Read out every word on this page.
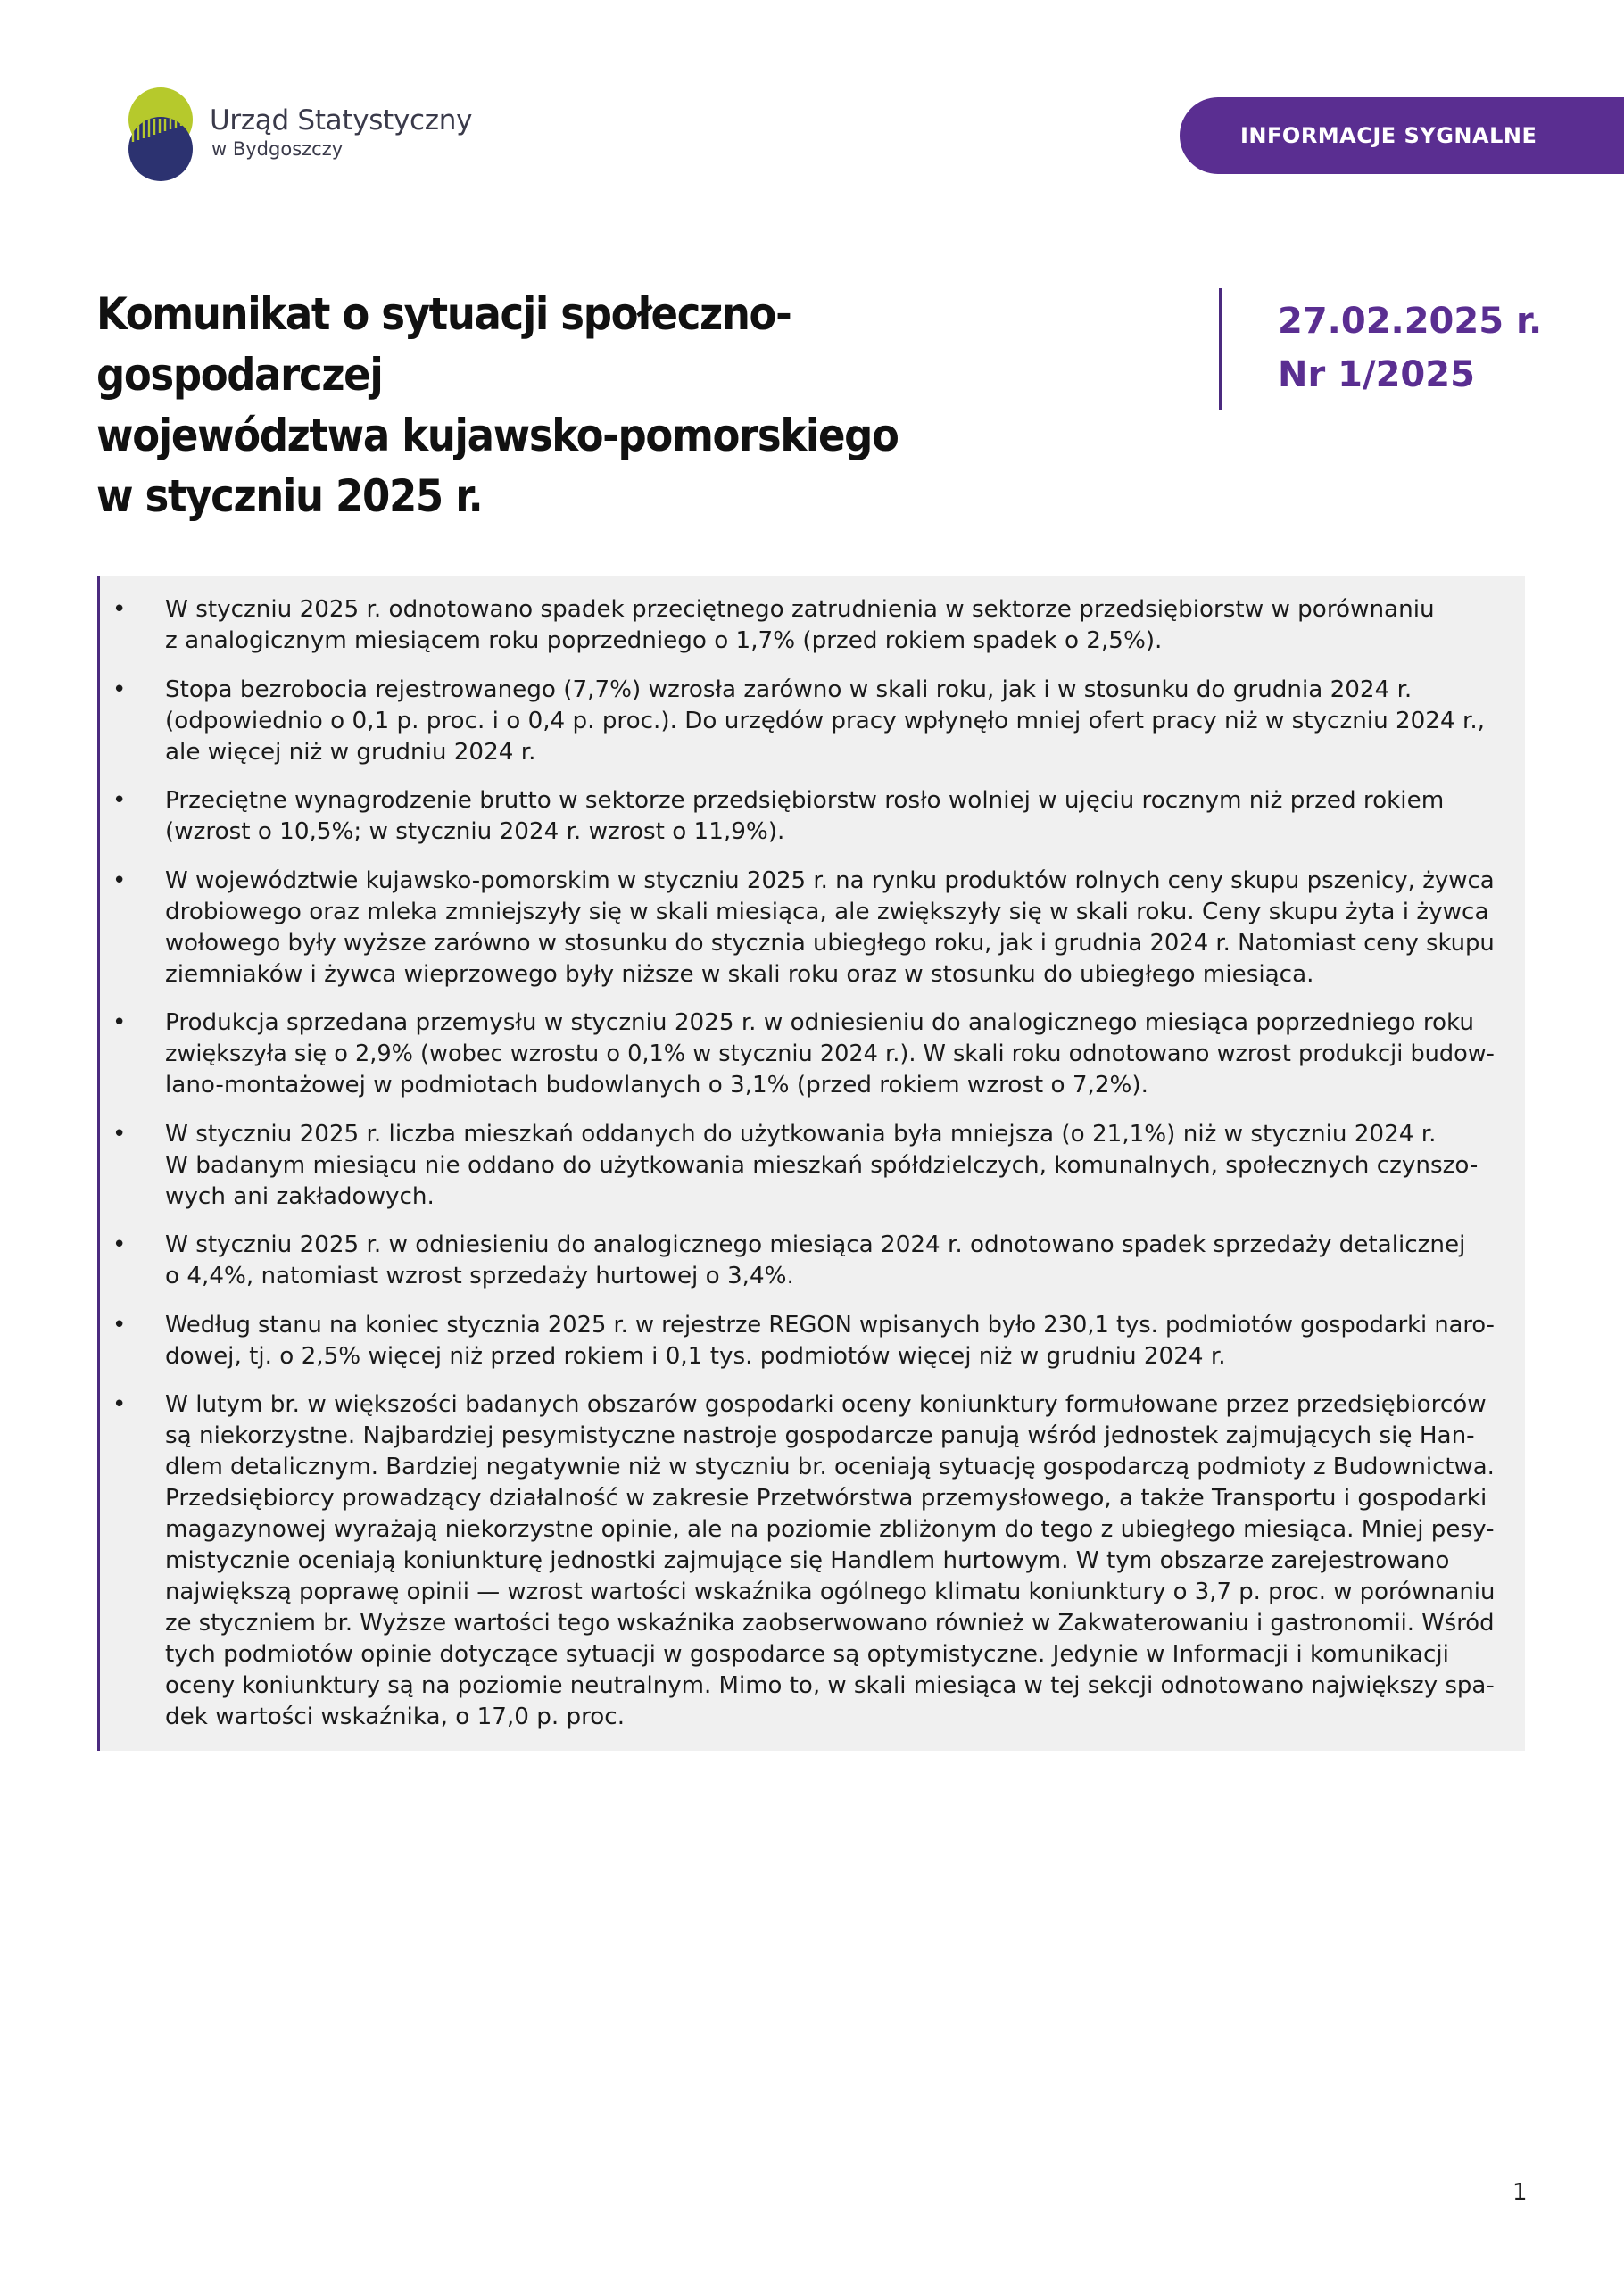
Urząd Statystyczny
w Bydgoszczy
INFORMACJE SYGNALNE
Komunikat o sytuacji społeczno-gospodarczej
województwa kujawsko-pomorskiego
w styczniu 2025 r.
27.02.2025 r.
Nr 1/2025
• W styczniu 2025 r. odnotowano spadek przeciętnego zatrudnienia w sektorze przedsiębiorstw w porównaniu
z analogicznym miesiącem roku poprzedniego o 1,7% (przed rokiem spadek o 2,5%).
• Stopa bezrobocia rejestrowanego (7,7%) wzrosła zarówno w skali roku, jak i w stosunku do grudnia 2024 r.
(odpowiednio o 0,1 p. proc. i o 0,4 p. proc.). Do urzędów pracy wpłynęło mniej ofert pracy niż w styczniu 2024 r.,
ale więcej niż w grudniu 2024 r.
• Przeciętne wynagrodzenie brutto w sektorze przedsiębiorstw rosło wolniej w ujęciu rocznym niż przed rokiem
(wzrost o 10,5%; w styczniu 2024 r. wzrost o 11,9%).
• W województwie kujawsko-pomorskim w styczniu 2025 r. na rynku produktów rolnych ceny skupu pszenicy, żywca
drobiowego oraz mleka zmniejszyły się w skali miesiąca, ale zwiększyły się w skali roku. Ceny skupu żyta i żywca
wołowego były wyższe zarówno w stosunku do stycznia ubiegłego roku, jak i grudnia 2024 r. Natomiast ceny skupu
ziemniaków i żywca wieprzowego były niższe w skali roku oraz w stosunku do ubiegłego miesiąca.
• Produkcja sprzedana przemysłu w styczniu 2025 r. w odniesieniu do analogicznego miesiąca poprzedniego roku
zwiększyła się o 2,9% (wobec wzrostu o 0,1% w styczniu 2024 r.). W skali roku odnotowano wzrost produkcji budow-
lano-montażowej w podmiotach budowlanych o 3,1% (przed rokiem wzrost o 7,2%).
• W styczniu 2025 r. liczba mieszkań oddanych do użytkowania była mniejsza (o 21,1%) niż w styczniu 2024 r.
W badanym miesiącu nie oddano do użytkowania mieszkań spółdzielczych, komunalnych, społecznych czynszo-
wych ani zakładowych.
• W styczniu 2025 r. w odniesieniu do analogicznego miesiąca 2024 r. odnotowano spadek sprzedaży detalicznej
o 4,4%, natomiast wzrost sprzedaży hurtowej o 3,4%.
• Według stanu na koniec stycznia 2025 r. w rejestrze REGON wpisanych było 230,1 tys. podmiotów gospodarki naro-
dowej, tj. o 2,5% więcej niż przed rokiem i 0,1 tys. podmiotów więcej niż w grudniu 2024 r.
• W lutym br. w większości badanych obszarów gospodarki oceny koniunktury formułowane przez przedsiębiorców
są niekorzystne. Najbardziej pesymistyczne nastroje gospodarcze panują wśród jednostek zajmujących się Han-
dlem detalicznym. Bardziej negatywnie niż w styczniu br. oceniają sytuację gospodarczą podmioty z Budownictwa.
Przedsiębiorcy prowadzący działalność w zakresie Przetwórstwa przemysłowego, a także Transportu i gospodarki
magazynowej wyrażają niekorzystne opinie, ale na poziomie zbliżonym do tego z ubiegłego miesiąca. Mniej pesy-
mistycznie oceniają koniunkturę jednostki zajmujące się Handlem hurtowym. W tym obszarze zarejestrowano
największą poprawę opinii — wzrost wartości wskaźnika ogólnego klimatu koniunktury o 3,7 p. proc. w porównaniu
ze styczniem br. Wyższe wartości tego wskaźnika zaobserwowano również w Zakwaterowaniu i gastronomii. Wśród
tych podmiotów opinie dotyczące sytuacji w gospodarce są optymistyczne. Jedynie w Informacji i komunikacji
oceny koniunktury są na poziomie neutralnym. Mimo to, w skali miesiąca w tej sekcji odnotowano największy spa-
dek wartości wskaźnika, o 17,0 p. proc.
1
